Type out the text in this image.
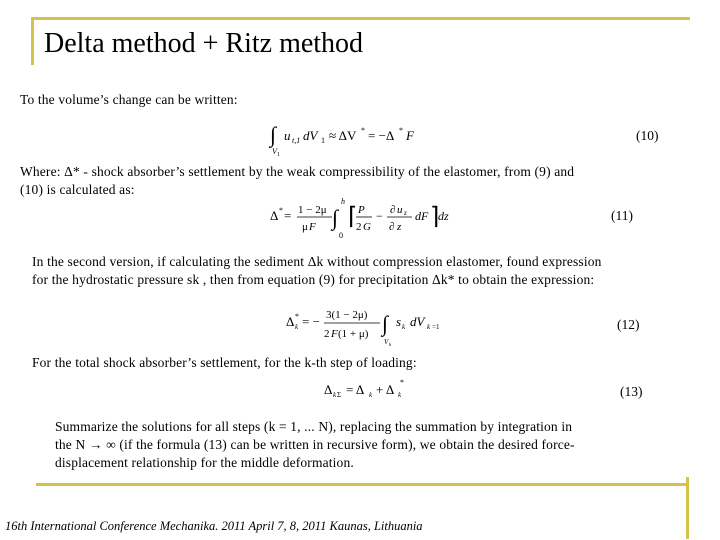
Delta method + Ritz method
To the volume’s change can be written:
∫
V 1
u t,1 dV 1 ≈ ΔV * = −Δ * F	(10)
Where: Δ* - shock absorber’s settlement by the weak compressibility of the elastomer, from (9) and
(10) is calculated as:
Δ * = 1 − 2μ
μ F ∫
h
0
⌈ P
2 G
− ∂ u z
∂ z
dF ⌉
dz	(11)
In the second version, if calculating the sediment Δk without compression elastomer, found expression
for the hydrostatic pressure sk , then from equation (9) for precipitation Δk* to obtain the expression:
Δ k
* = − 3(1 − 2μ)
2 F (1 + μ) ∫
V k
s k dV k =1	(12)
For the total shock absorber’s settlement, for the k-th step of loading:
Δ k Σ = Δ k + Δ k
*
(13)
Summarize the solutions for all steps (k = 1, ... N), replacing the summation by integration in
the N → ∞ (if the formula (13) can be written in recursive form), we obtain the desired force-
displacement relationship for the middle deformation.
16th International Conference Mechanika. 2011 April 7, 8, 2011 Kaunas, Lithuania
